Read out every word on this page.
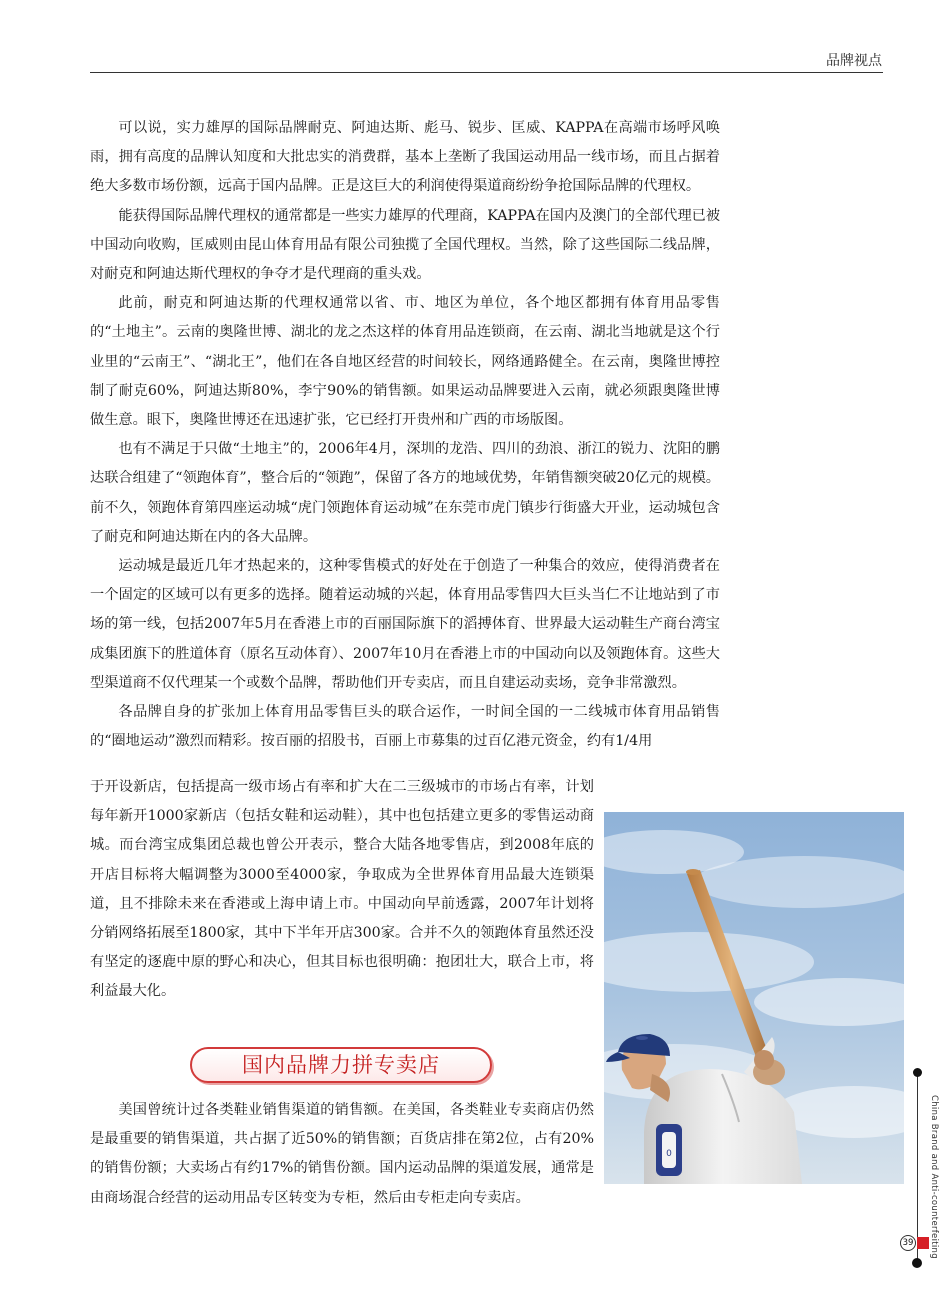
品牌视点

可以说，实力雄厚的国际品牌耐克、阿迪达斯、彪马、锐步、匡威、KAPPA在高端市场呼风唤雨，拥有高度的品牌认知度和大批忠实的消费群，基本上垄断了我国运动用品一线市场，而且占据着绝大多数市场份额，远高于国内品牌。正是这巨大的利润使得渠道商纷纷争抢国际品牌的代理权。

能获得国际品牌代理权的通常都是一些实力雄厚的代理商，KAPPA在国内及澳门的全部代理已被中国动向收购，匡威则由昆山体育用品有限公司独揽了全国代理权。当然，除了这些国际二线品牌，对耐克和阿迪达斯代理权的争夺才是代理商的重头戏。

此前，耐克和阿迪达斯的代理权通常以省、市、地区为单位，各个地区都拥有体育用品零售的“土地主”。云南的奥隆世博、湖北的龙之杰这样的体育用品连锁商，在云南、湖北当地就是这个行业里的“云南王”、“湖北王”，他们在各自地区经营的时间较长，网络通路健全。在云南，奥隆世博控制了耐克60%，阿迪达斯80%，李宁90%的销售额。如果运动品牌要进入云南，就必须跟奥隆世博做生意。眼下，奥隆世博还在迅速扩张，它已经打开贵州和广西的市场版图。

也有不满足于只做“土地主”的，2006年4月，深圳的龙浩、四川的劲浪、浙江的锐力、沈阳的鹏达联合组建了“领跑体育”，整合后的“领跑”，保留了各方的地域优势，年销售额突破20亿元的规模。前不久，领跑体育第四座运动城“虎门领跑体育运动城”在东莞市虎门镇步行街盛大开业，运动城包含了耐克和阿迪达斯在内的各大品牌。

运动城是最近几年才热起来的，这种零售模式的好处在于创造了一种集合的效应，使得消费者在一个固定的区域可以有更多的选择。随着运动城的兴起，体育用品零售四大巨头当仁不让地站到了市场的第一线，包括2007年5月在香港上市的百丽国际旗下的滔搏体育、世界最大运动鞋生产商台湾宝成集团旗下的胜道体育（原名互动体育）、2007年10月在香港上市的中国动向以及领跑体育。这些大型渠道商不仅代理某一个或数个品牌，帮助他们开专卖店，而且自建运动卖场，竞争非常激烈。

各品牌自身的扩张加上体育用品零售巨头的联合运作，一时间全国的一二线城市体育用品销售的“圈地运动”激烈而精彩。按百丽的招股书，百丽上市募集的过百亿港元资金，约有1/4用

于开设新店，包括提高一级市场占有率和扩大在二三级城市的市场占有率，计划每年新开1000家新店（包括女鞋和运动鞋），其中也包括建立更多的零售运动商城。而台湾宝成集团总裁也曾公开表示，整合大陆各地零售店，到2008年底的开店目标将大幅调整为3000至4000家，争取成为全世界体育用品最大连锁渠道，且不排除未来在香港或上海申请上市。中国动向早前透露，2007年计划将分销网络拓展至1800家，其中下半年开店300家。合并不久的领跑体育虽然还没有坚定的逐鹿中原的野心和决心，但其目标也很明确：抱团壮大，联合上市，将利益最大化。

国内品牌力拼专卖店

美国曾统计过各类鞋业销售渠道的销售额。在美国，各类鞋业专卖商店仍然是最重要的销售渠道，共占据了近50%的销售额；百货店排在第2位，占有20%的销售份额；大卖场占有约17%的销售份额。国内运动品牌的渠道发展，通常是由商场混合经营的运动用品专区转变为专柜，然后由专柜走向专卖店。

0	China Brand and Anti-counterfeiting
39
